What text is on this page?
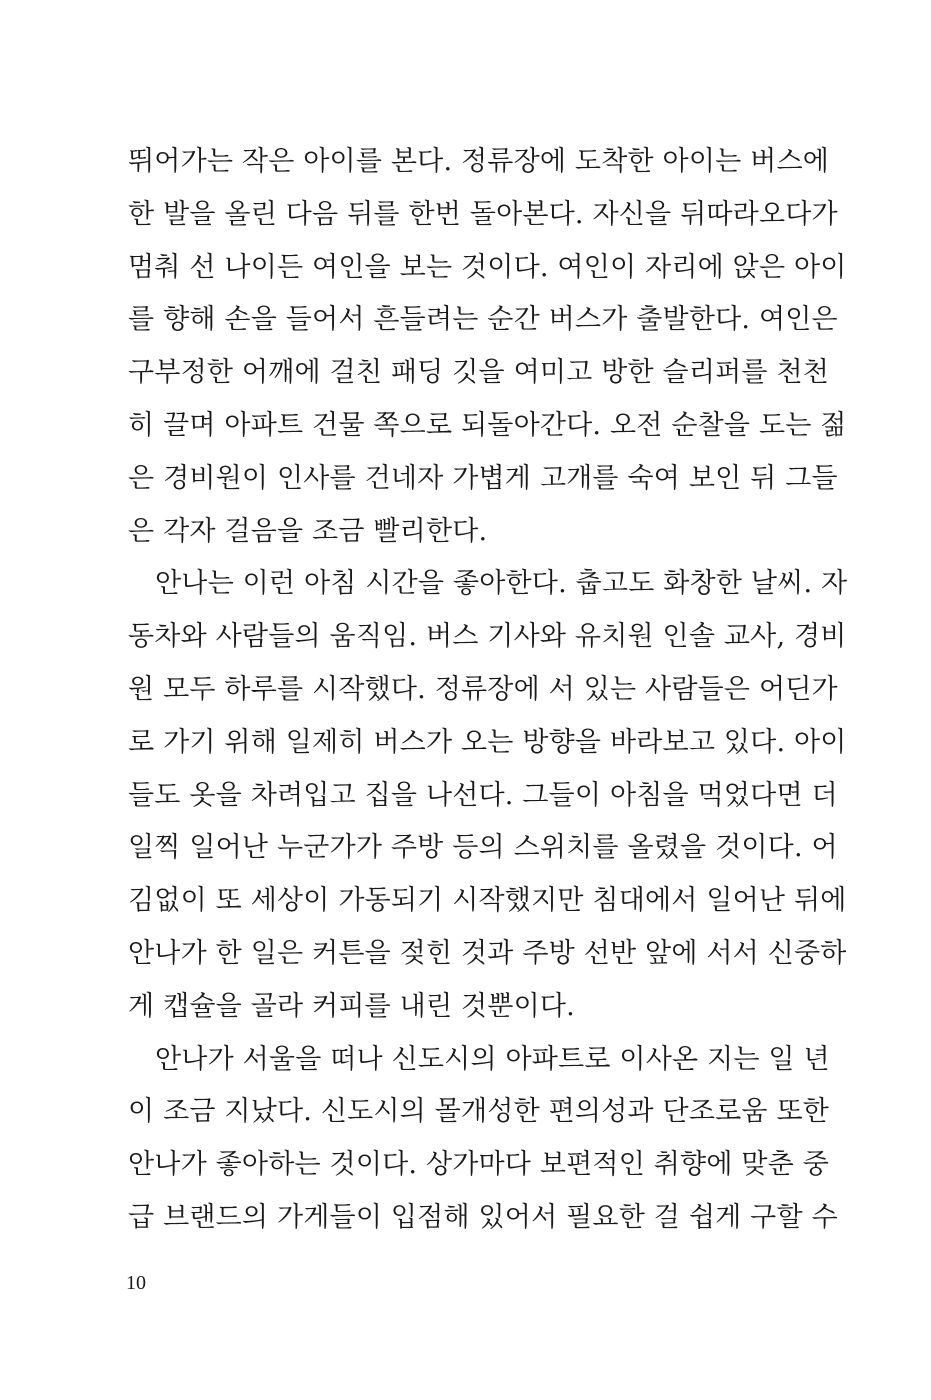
뛰어가는 작은 아이를 본다. 정류장에 도착한 아이는 버스에
한 발을 올린 다음 뒤를 한번 돌아본다. 자신을 뒤따라오다가
멈춰 선 나이든 여인을 보는 것이다. 여인이 자리에 앉은 아이
를 향해 손을 들어서 흔들려는 순간 버스가 출발한다. 여인은
구부정한 어깨에 걸친 패딩 깃을 여미고 방한 슬리퍼를 천천
히 끌며 아파트 건물 쪽으로 되돌아간다. 오전 순찰을 도는 젊
은 경비원이 인사를 건네자 가볍게 고개를 숙여 보인 뒤 그들
은 각자 걸음을 조금 빨리한다.
안나는 이런 아침 시간을 좋아한다. 춥고도 화창한 날씨. 자
동차와 사람들의 움직임. 버스 기사와 유치원 인솔 교사, 경비
원 모두 하루를 시작했다. 정류장에 서 있는 사람들은 어딘가
로 가기 위해 일제히 버스가 오는 방향을 바라보고 있다. 아이
들도 옷을 차려입고 집을 나선다. 그들이 아침을 먹었다면 더
일찍 일어난 누군가가 주방 등의 스위치를 올렸을 것이다. 어
김없이 또 세상이 가동되기 시작했지만 침대에서 일어난 뒤에
안나가 한 일은 커튼을 젖힌 것과 주방 선반 앞에 서서 신중하
게 캡슐을 골라 커피를 내린 것뿐이다.
안나가 서울을 떠나 신도시의 아파트로 이사온 지는 일 년
이 조금 지났다. 신도시의 몰개성한 편의성과 단조로움 또한
안나가 좋아하는 것이다. 상가마다 보편적인 취향에 맞춘 중
급 브랜드의 가게들이 입점해 있어서 필요한 걸 쉽게 구할 수
10
